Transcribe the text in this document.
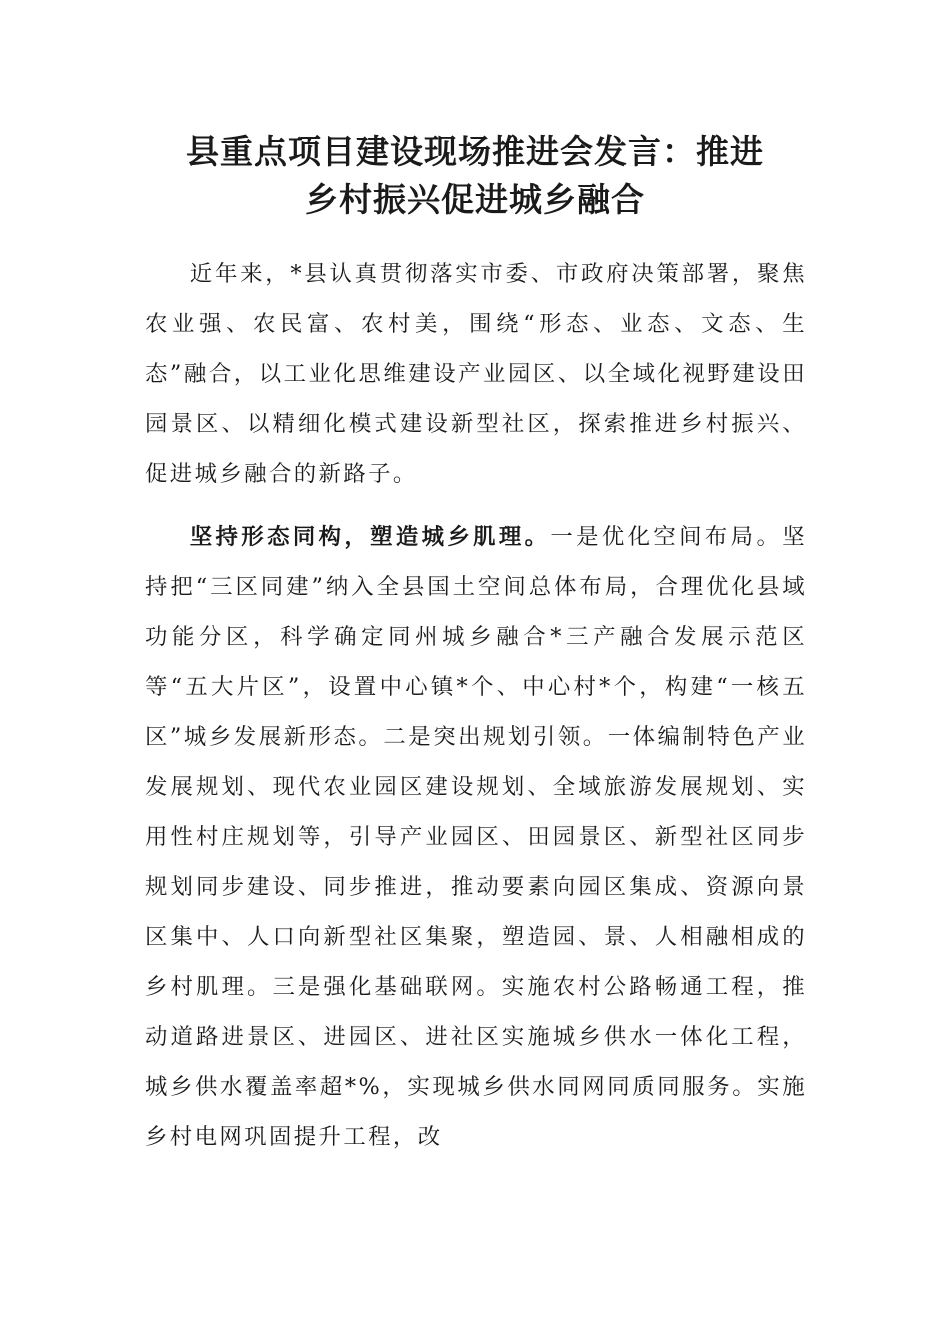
县重点项目建设现场推进会发言：推进
乡村振兴促进城乡融合

近年来，*县认真贯彻落实市委、市政府决策部署，聚焦农业强、农民富、农村美，围绕“形态、业态、文态、生态”融合，以工业化思维建设产业园区、以全域化视野建设田园景区、以精细化模式建设新型社区，探索推进乡村振兴、促进城乡融合的新路子。

坚持形态同构，塑造城乡肌理。一是优化空间布局。坚持把“三区同建”纳入全县国土空间总体布局，合理优化县域功能分区，科学确定同州城乡融合*三产融合发展示范区等“五大片区”，设置中心镇*个、中心村*个，构建“一核五区”城乡发展新形态。二是突出规划引领。一体编制特色产业发展规划、现代农业园区建设规划、全域旅游发展规划、实用性村庄规划等，引导产业园区、田园景区、新型社区同步规划同步建设、同步推进，推动要素向园区集成、资源向景区集中、人口向新型社区集聚，塑造园、景、人相融相成的乡村肌理。三是强化基础联网。实施农村公路畅通工程，推动道路进景区、进园区、进社区实施城乡供水一体化工程，城乡供水覆盖率超*%，实现城乡供水同网同质同服务。实施乡村电网巩固提升工程，改
